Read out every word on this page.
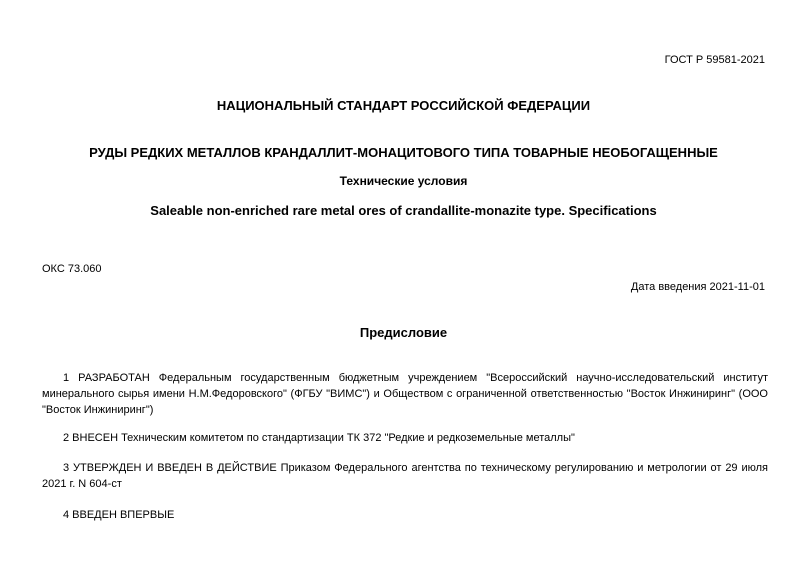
ГОСТ Р 59581-2021
НАЦИОНАЛЬНЫЙ СТАНДАРТ РОССИЙСКОЙ ФЕДЕРАЦИИ
РУДЫ РЕДКИХ МЕТАЛЛОВ КРАНДАЛЛИТ-МОНАЦИТОВОГО ТИПА ТОВАРНЫЕ НЕОБОГАЩЕННЫЕ
Технические условия
Saleable non-enriched rare metal ores of crandallite-monazite type. Specifications
ОКС 73.060
Дата введения 2021-11-01
Предисловие
1 РАЗРАБОТАН Федеральным государственным бюджетным учреждением "Всероссийский научно-исследовательский институт
минерального сырья имени Н.М.Федоровского" (ФГБУ "ВИМС") и Обществом с ограниченной ответственностью "Восток Инжиниринг" (ООО
"Восток Инжиниринг")
2 ВНЕСЕН Техническим комитетом по стандартизации ТК 372 "Редкие и редкоземельные металлы"
3 УТВЕРЖДЕН И ВВЕДЕН В ДЕЙСТВИЕ Приказом Федерального агентства по техническому регулированию и метрологии от 29 июля
2021 г. N 604-ст
4 ВВЕДЕН ВПЕРВЫЕ
